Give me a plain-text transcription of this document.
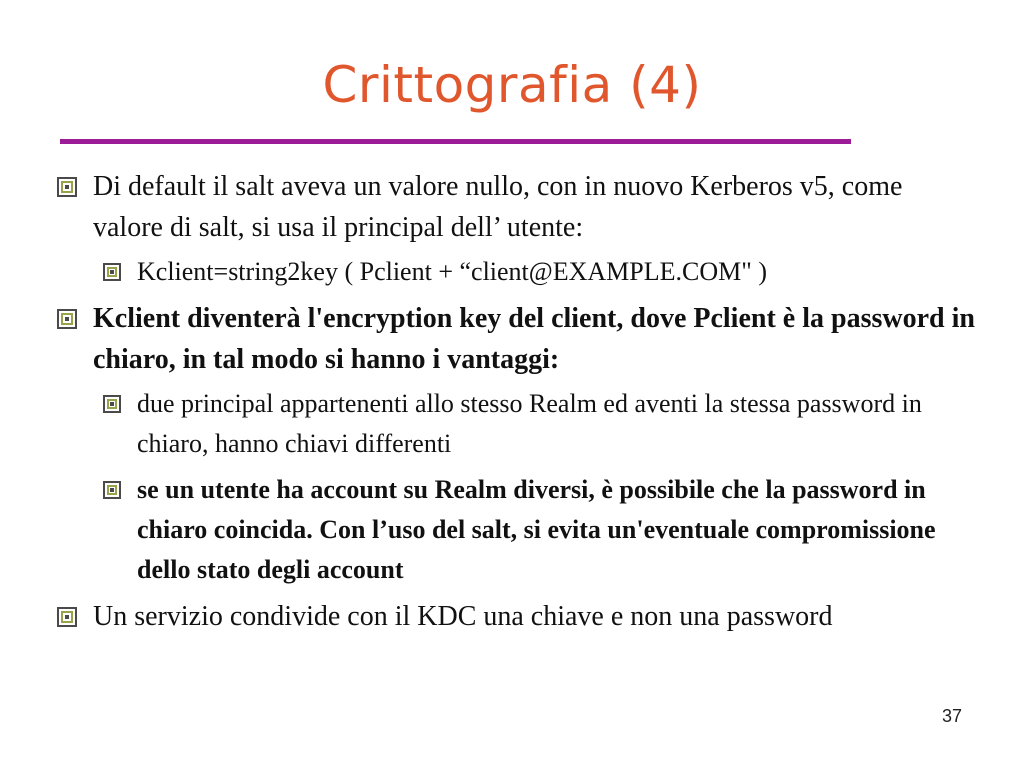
Crittografia (4)
Di default il salt aveva un valore nullo, con in nuovo Kerberos v5, come valore di salt, si usa il principal dell’ utente:
Kclient=string2key ( Pclient + “client@EXAMPLE.COM" )
Kclient diventerà l'encryption key del client, dove Pclient è la password in chiaro, in tal modo si hanno i vantaggi:
due principal appartenenti allo stesso Realm ed aventi la stessa password in chiaro, hanno chiavi differenti
se un utente ha account su Realm diversi, è possibile che la password in chiaro coincida. Con l’uso del salt, si evita un'eventuale compromissione dello stato degli account
Un servizio condivide con il KDC una chiave e non una password
37
